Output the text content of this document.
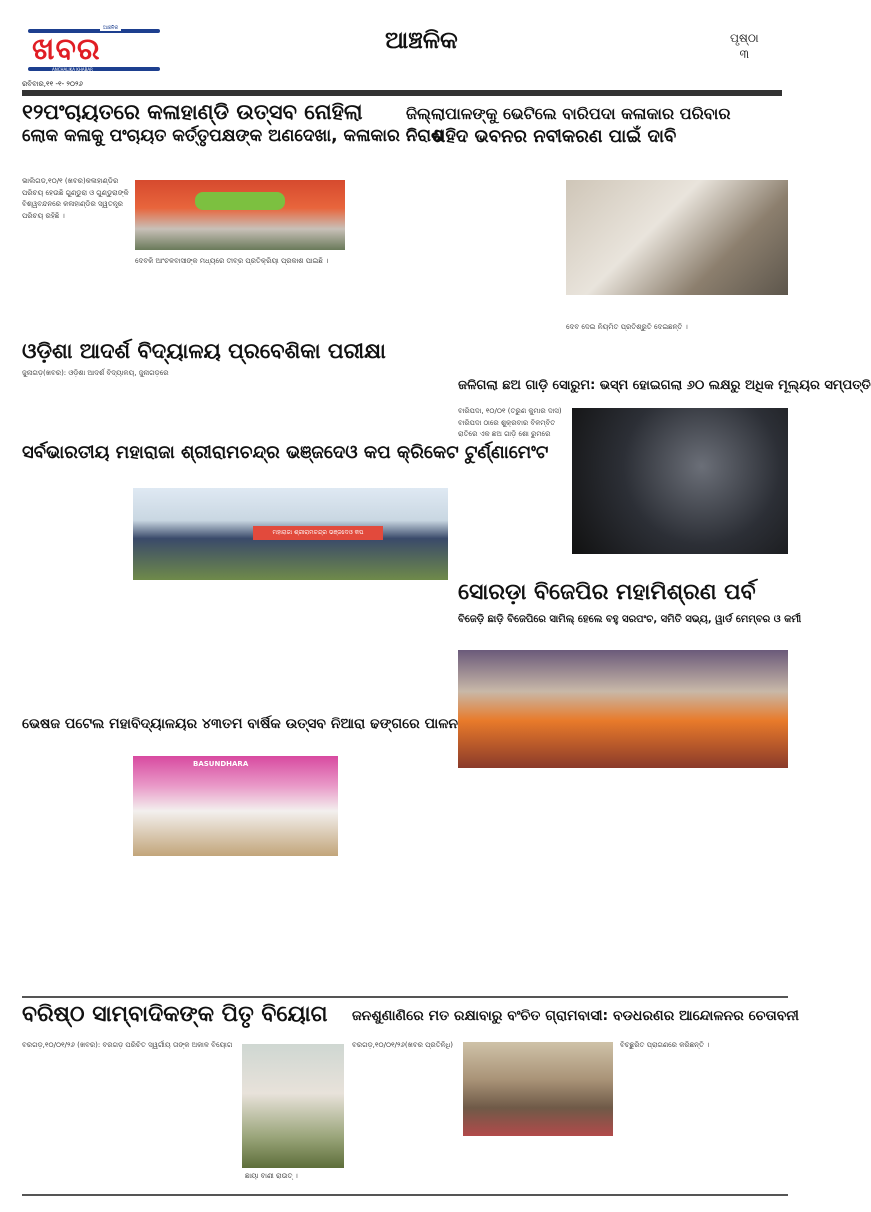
ଆଞ୍ଚଳିକ
ଖବର
ANCHALIKA KHABAR
ଆଞ୍ଚଳିକ	ପୃଷ୍ଠା
୩
ରବିବାର,୧୧ -୧- ୨୦୨୬
୧୨ପଂଚାୟତରେ କଳାହାଣ୍ଡି ଉତ୍ସବ ନୋହିଲା	ଜିଲ୍ଲାପାଳଙ୍କୁ ଭେଟିଲେ ବାରିପଦା କଳାକାର ପରିବାର
ଲୋକ କଳାକୁ ପଂଚାୟତ କର୍ତ୍ତୃପକ୍ଷଙ୍କ ଅଣଦେଖା, କଳାକାର ନିରାଶ
ଶହିଦ ଭବନର ନବୀକରଣ ପାଇଁ ଦାବି
ଭାଲିଗଡ,୧୦/୧ (ଖବର)କଳାହାଣ୍ଡିର ପରିଚୟ ହେଉଛି ଗୁଣ୍ଡୁରା ଓ ଗୁଣ୍ଡୁରାଙ୍କି ବିଶ୍ୱବନ୍ଦନରେ କଳାହାଣ୍ଡିର ସ୍ୱତନ୍ତ୍ର ପରିଚୟ ରହିଛି ।
ଦେବକି ଆଂଚଳବାସୀଙ୍କ ମଧ୍ୟରେ ତୀବ୍ର ପ୍ରତିକ୍ରିୟା ପ୍ରକାଶ ପାଇଛି ।
ଦେବ ଦେଇ ନିୟମିତ ପ୍ରତିଶ୍ରୁତି ଦେଇଛନ୍ତି ।
ଓଡ଼ିଶା ଆଦର୍ଶ ବିଦ୍ୟାଳୟ ପ୍ରବେଶିକା ପରୀକ୍ଷା
ଜୁନାଗଡ଼(ଖବର): ଓଡ଼ିଶା ଆଦର୍ଶ ବିଦ୍ୟାଳୟ, ଜୁନାଗଡ଼ରେ
ଜଳିଗଲା ଛଅ ଗାଡ଼ି ସୋରୁମ: ଭସ୍ମ ହୋଇଗଲା ୬୦ ଲକ୍ଷରୁ ଅଧିକ ମୂଲ୍ୟର ସମ୍ପତ୍ତି
ବାରିପଦା, ୧୦/୦୧ (ତରୁଣ କୁମାର ଦାସ) ବାରିପଦା ଠାରେ ଶୁକ୍ରବାର ବିଳମ୍ବିତ ରାତିରେ ଏକ ଛଅ ଗାଡ଼ି ଶୋ ରୁମରେ
ସର୍ବଭାରତୀୟ ମହାରାଜା ଶ୍ରୀରାମଚନ୍ଦ୍ର ଭଞ୍ଜଦେଓ କପ କ୍ରିକେଟ ଟୁର୍ଣ୍ଣାମେଂଟ
ମହାରାଜା ଶ୍ରୀରାମଚନ୍ଦ୍ର ଭଞ୍ଜଦେଓ କପ
ସୋରଡ଼ା ବିଜେପିର ମହାମିଶ୍ରଣ ପର୍ବ
ବିଜେଡ଼ି ଛାଡ଼ି ବିଜେପିରେ ସାମିଲ୍ ହେଲେ ବହୁ ସରପଂଚ, ସମିତି ସଭ୍ୟ, ୱାର୍ଡ ମେମ୍ବର ଓ କର୍ମୀ
ଭେଷଜ ପଟେଲ ମହାବିଦ୍ୟାଳୟର ୪୩ତମ ବାର୍ଷିକ ଉତ୍ସବ ନିଆରା ଢଙ୍ଗରେ ପାଳନ
BASUNDHARA
ବରିଷ୍ଠ ସାମ୍ବାଦିକଙ୍କ ପିତୃ ବିୟୋଗ
ବରଗଡ଼,୧୦/୦୧/୨୬ (ଖବର): ବରଗଡ଼ ପରିଚିତ ସ୍ୱର୍ଗୀୟ ତାଙ୍କ ଅକାଳ ବିୟୋଗ
ଛାୟା ବାଣୀ ରାଉତ୍ ।
ଜନଶୁଣାଣିରେ ମତ ରକ୍ଷାବାରୁ ବଂଚିତ ଗ୍ରାମବାସୀ: ବଡଧରଣର ଆନ୍ଦୋଳନର ଚେତାବନୀ
ବରଗଡ଼,୧୦/୦୧/୨୬(ଖବର ପ୍ରତିନିଧି)	ବିଚ୍ଛୁରିତ ପ୍ରାଗଣରେ କରିଛନ୍ତି ।
